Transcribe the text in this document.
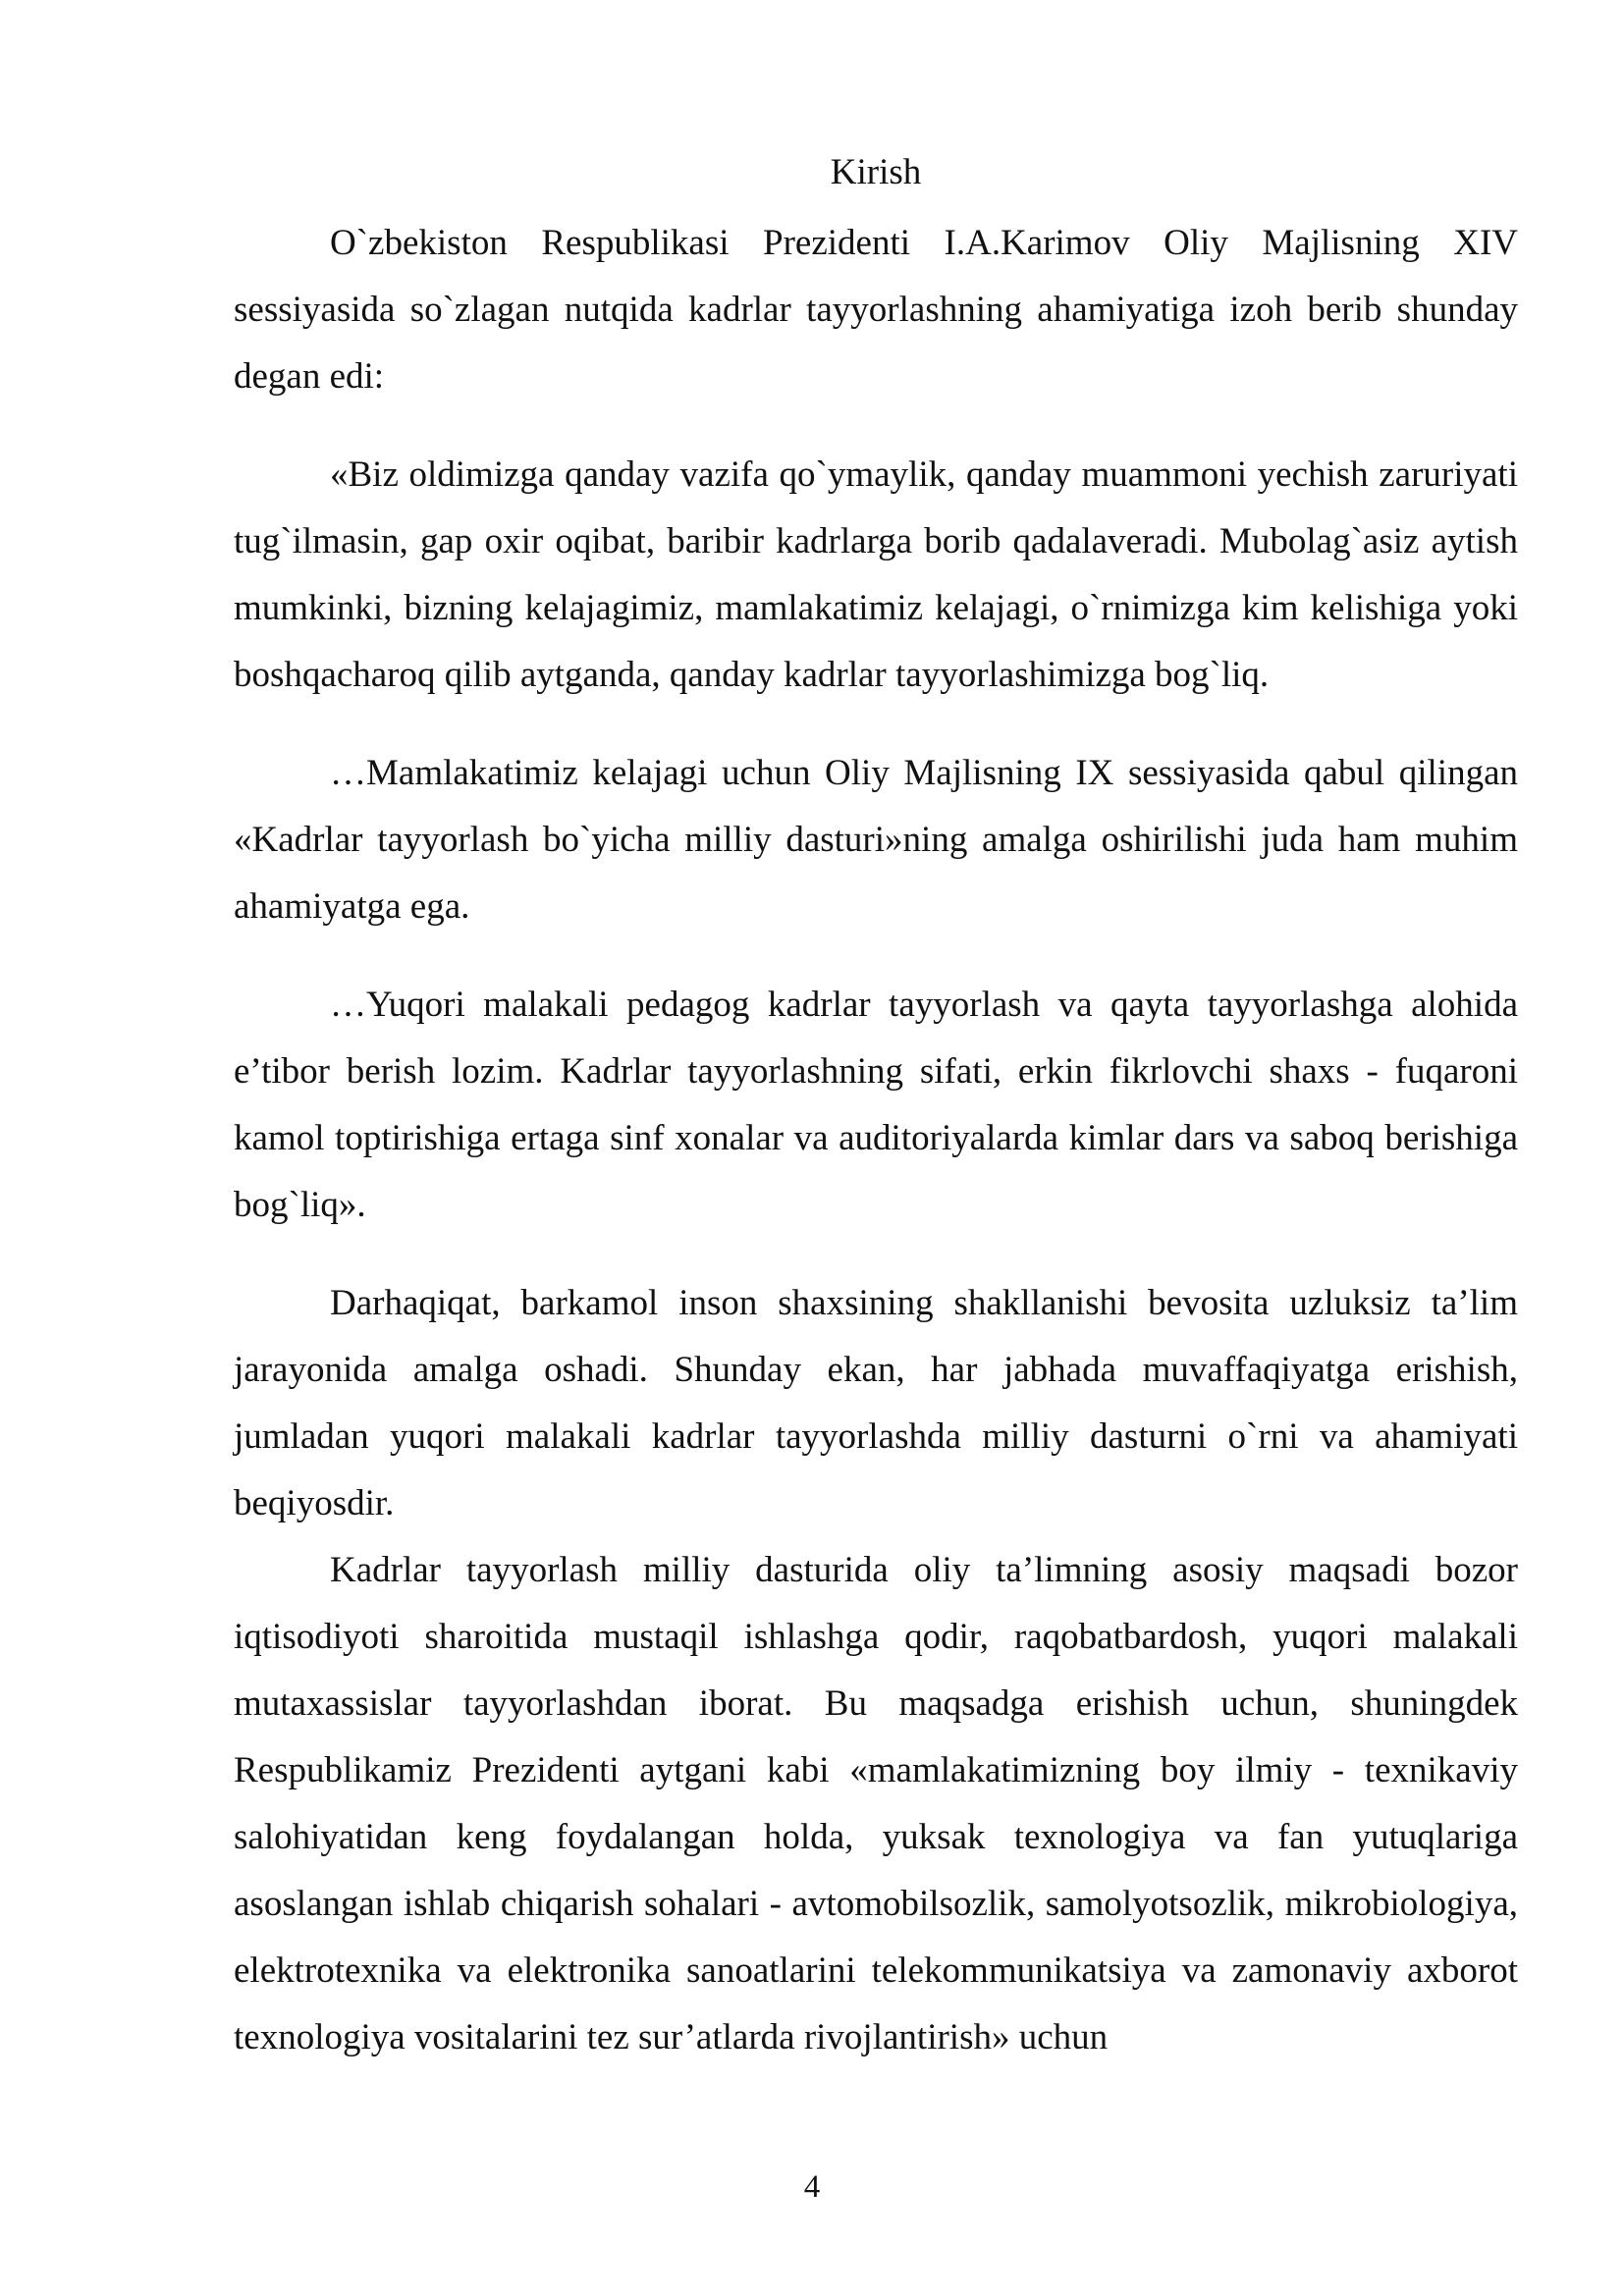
Kirish

O`zbekiston Respublikasi Prezidenti I.A.Karimov Oliy Majlisning XIV sessiyasida so`zlagan nutqida kadrlar tayyorlashning ahamiyatiga izoh berib shunday degan edi:

«Biz oldimizga qanday vazifa qo`ymaylik, qanday muammoni yechish zaruriyati tug`ilmasin, gap oxir oqibat, baribir kadrlarga borib qadalaveradi. Mubolag`asiz aytish mumkinki, bizning kelajagimiz, mamlakatimiz kelajagi, o`rnimizga kim kelishiga yoki boshqacharoq qilib aytganda, qanday kadrlar tayyorlashimizga bog`liq.

…Mamlakatimiz kelajagi uchun Oliy Majlisning IX sessiyasida qabul qilingan «Kadrlar tayyorlash bo`yicha milliy dasturi»ning amalga oshirilishi juda ham muhim ahamiyatga ega.

…Yuqori malakali pedagog kadrlar tayyorlash va qayta tayyorlashga alohida e’tibor berish lozim. Kadrlar tayyorlashning sifati, erkin fikrlovchi shaxs - fuqaroni kamol toptirishiga ertaga sinf xonalar va auditoriyalarda kimlar dars va saboq berishiga bog`liq».

Darhaqiqat, barkamol inson shaxsining shakllanishi bevosita uzluksiz ta’lim jarayonida amalga oshadi. Shunday ekan, har jabhada muvaffaqiyatga erishish, jumladan yuqori malakali kadrlar tayyorlashda milliy dasturni o`rni va ahamiyati beqiyosdir.

Kadrlar tayyorlash milliy dasturida oliy ta’limning asosiy maqsadi bozor iqtisodiyoti sharoitida mustaqil ishlashga qodir, raqobatbardosh, yuqori malakali mutaxassislar tayyorlashdan iborat. Bu maqsadga erishish uchun, shuningdek Respublikamiz Prezidenti aytgani kabi «mamlakatimizning boy ilmiy - texnikaviy salohiyatidan keng foydalangan holda, yuksak texnologiya va fan yutuqlariga asoslangan ishlab chiqarish sohalari - avtomobilsozlik, samolyotsozlik, mikrobiologiya, elektrotexnika va elektronika sanoatlarini telekommunikatsiya va zamonaviy axborot texnologiya vositalarini tez sur’atlarda rivojlantirish» uchun

4
